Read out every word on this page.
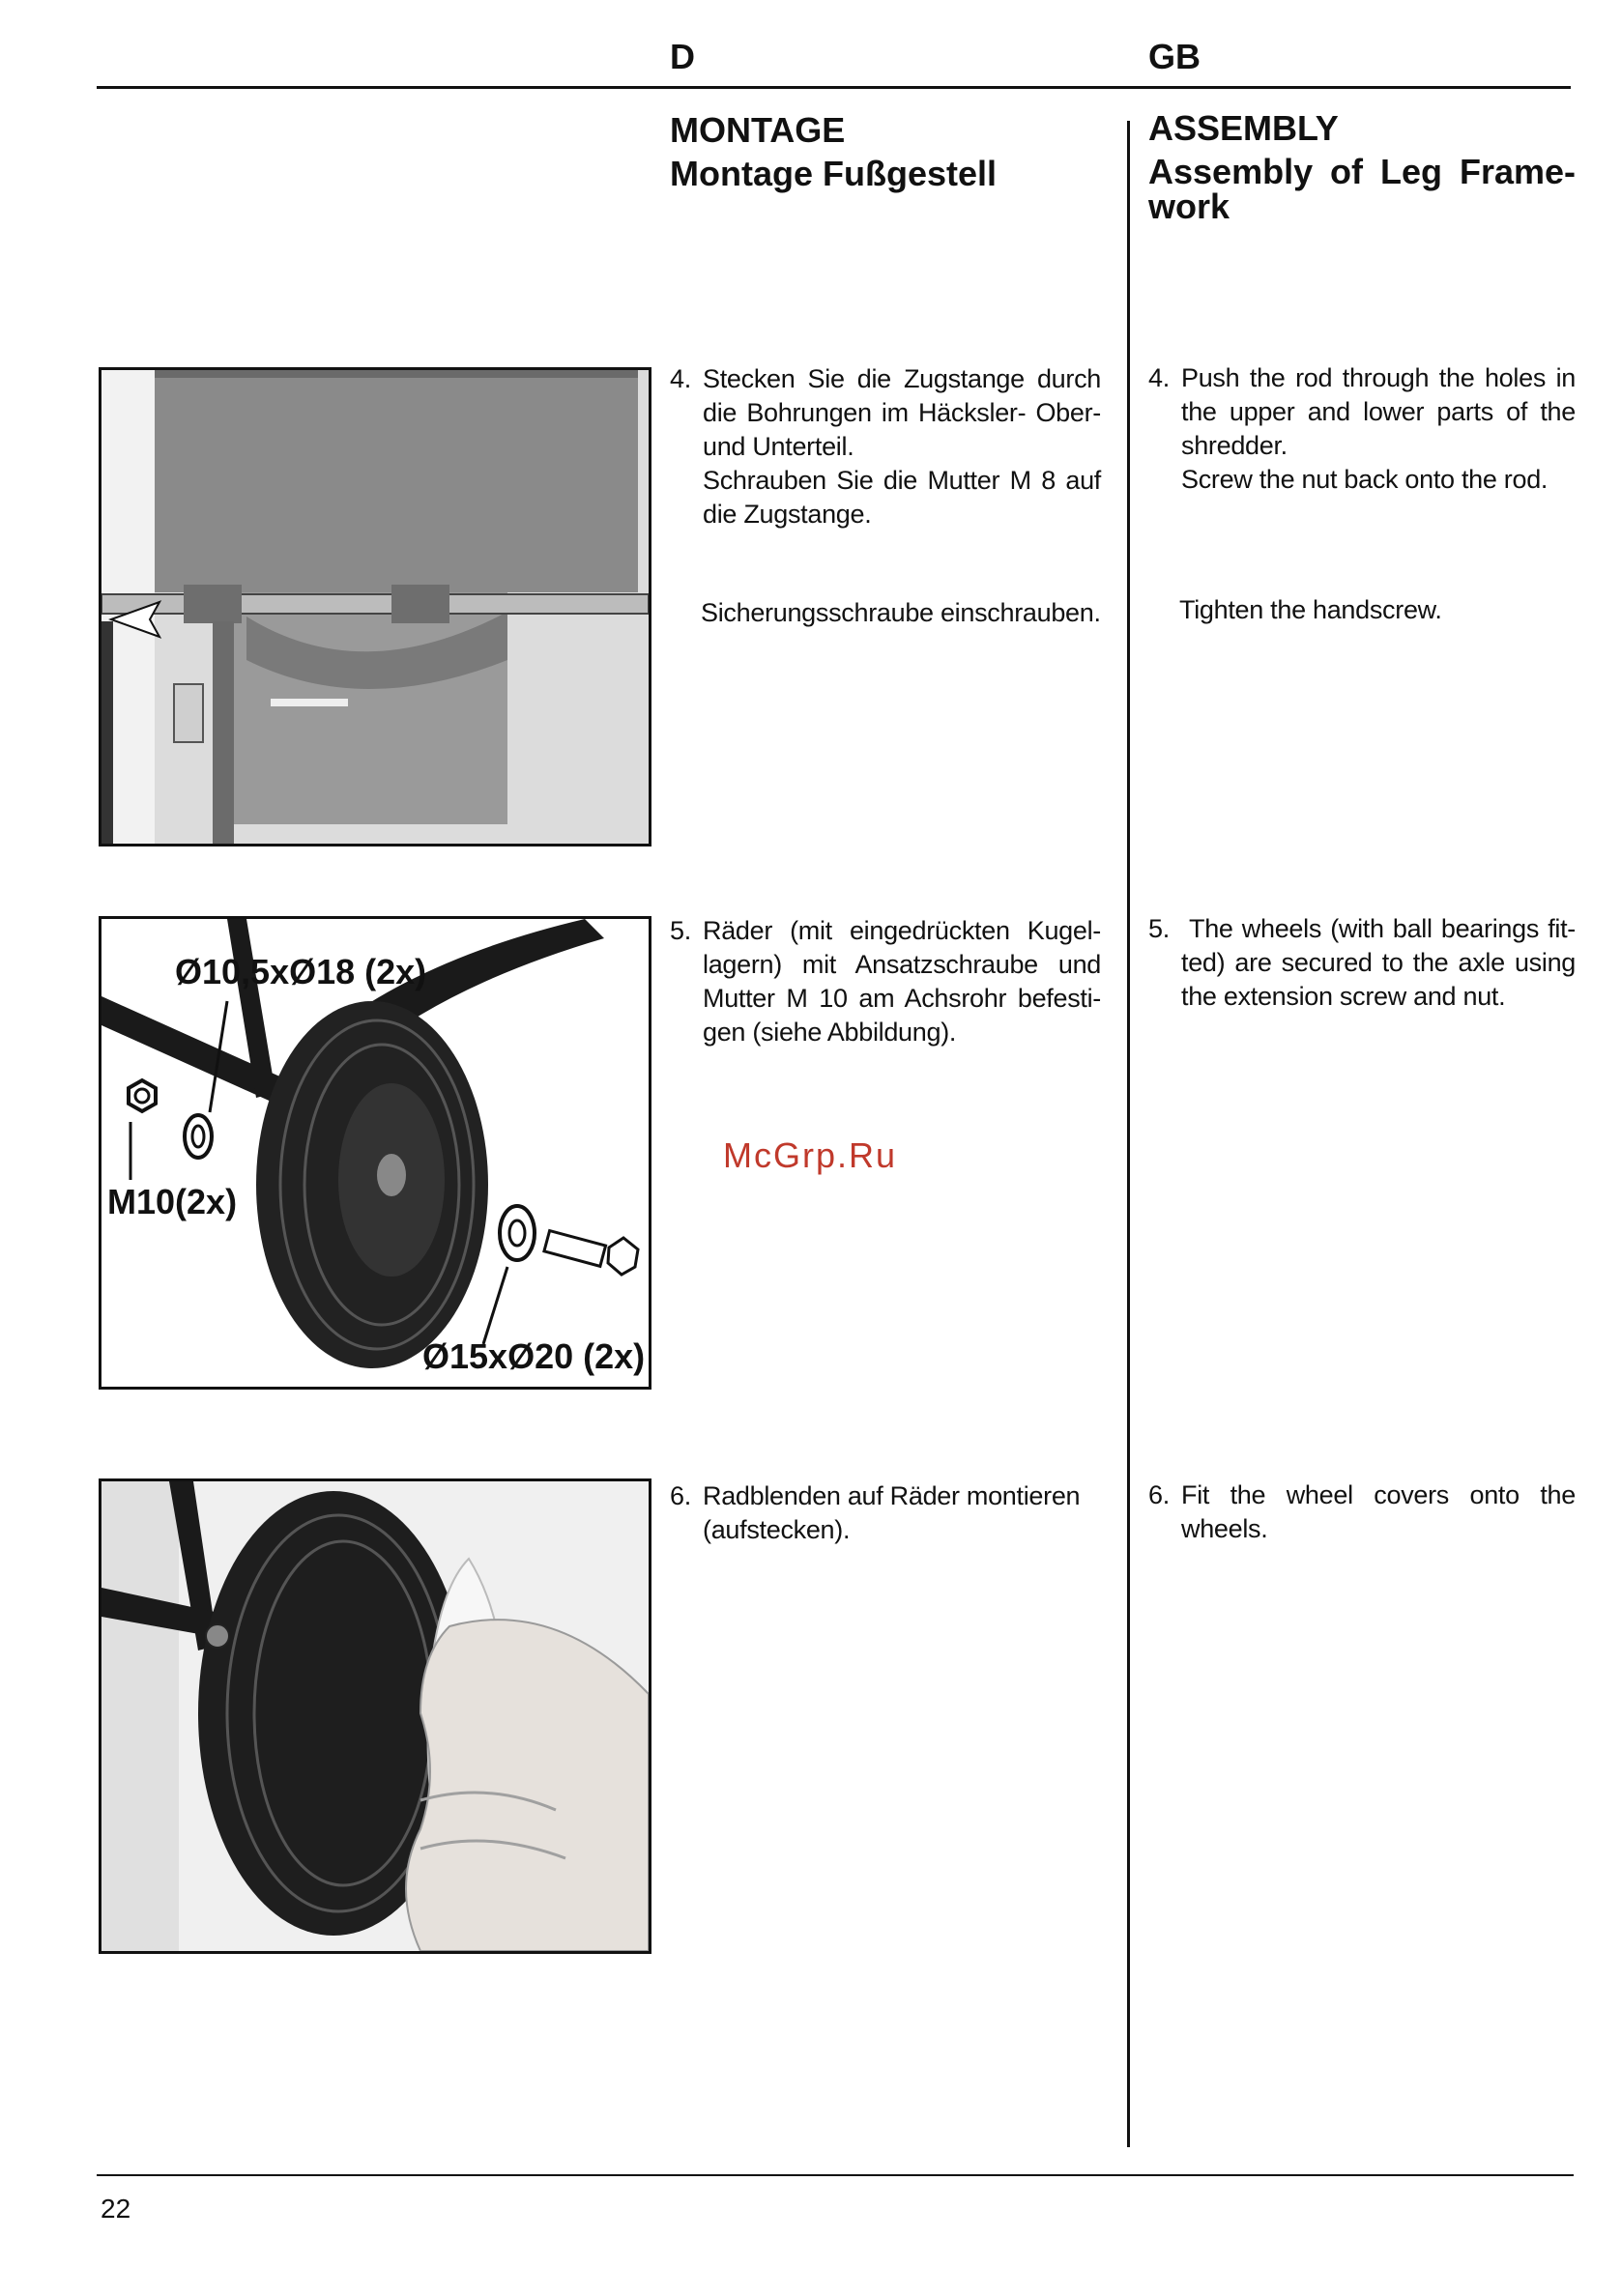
D	GB
MONTAGE
Montage Fußgestell
ASSEMBLY
Assembly of Leg Frame-
work
4. Stecken Sie die Zugstange durch
die Bohrungen im Häcksler- Ober-
und Unterteil.
Schrauben Sie die Mutter M 8 auf
die Zugstange.
Sicherungsschraube einschrauben.
4. Push the rod through the holes in
the upper and lower parts of the
shredder.
Screw the nut back onto the rod.
Tighten the handscrew.
5. Räder (mit eingedrückten Kugel-
lagern) mit Ansatzschraube und
Mutter M 10 am Achsrohr befesti-
gen (siehe Abbildung).
5. The wheels (with ball bearings fit-
ted) are secured to the axle using
the extension screw and nut.
McGrp.Ru
6. Radblenden auf Räder montieren
(aufstecken).
6. Fit the wheel covers onto the
wheels.
Ø10,5xØ18 (2x)
M10(2x)
Ø15xØ20 (2x)
22
